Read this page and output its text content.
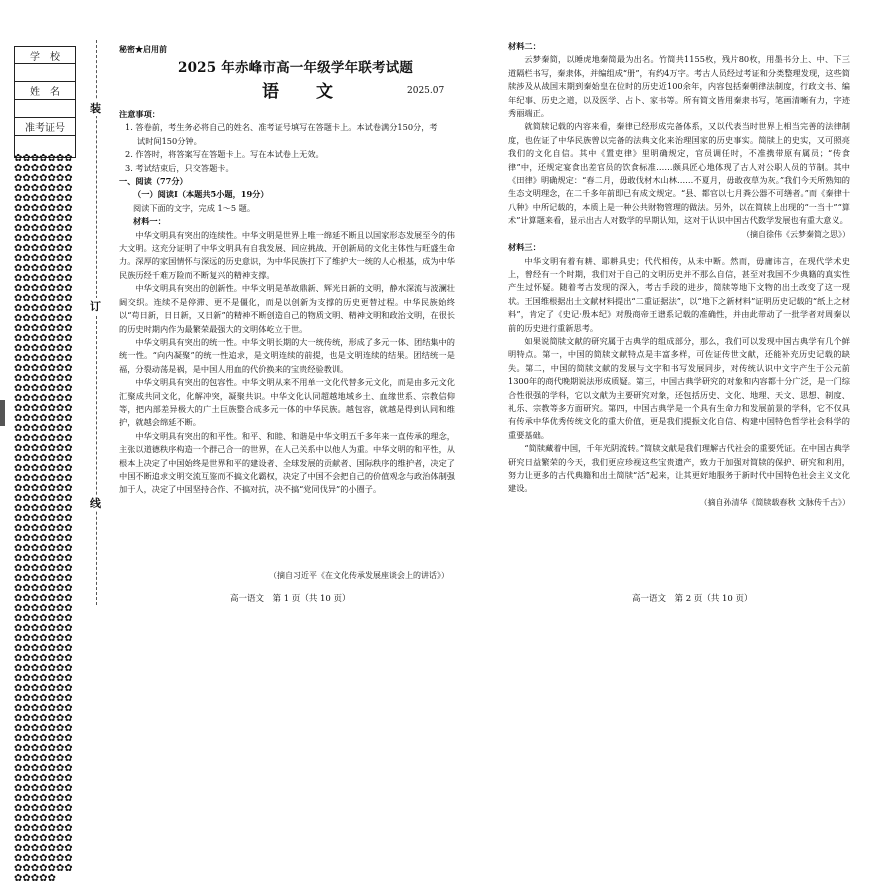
学　校
姓　名
准考证号
✿✿✿✿✿✿✿✿✿✿✿✿✿✿✿✿✿✿✿✿✿✿✿✿✿✿✿✿✿✿✿✿✿✿✿✿✿✿✿✿✿✿✿✿✿✿✿✿✿✿✿✿✿✿✿✿✿✿✿✿✿✿✿✿✿✿✿✿✿✿✿✿✿✿✿✿✿✿✿✿✿✿✿✿✿✿✿✿✿✿✿✿✿✿✿✿✿✿✿✿✿✿✿✿✿✿✿✿✿✿✿✿✿✿✿✿✿✿✿✿✿✿✿✿✿✿✿✿✿✿✿✿✿✿✿✿✿✿✿✿✿✿✿✿✿✿✿✿✿✿✿✿✿✿✿✿✿✿✿✿✿✿✿✿✿✿✿✿✿✿✿✿✿✿✿✿✿✿✿✿✿✿✿✿✿✿✿✿✿✿✿✿✿✿✿✿✿✿✿✿✿✿✿✿✿✿✿✿✿✿✿✿✿✿✿✿✿✿✿✿✿✿✿✿✿✿✿✿✿✿✿✿✿✿✿✿✿✿✿✿✿✿✿✿✿✿✿✿✿✿✿✿✿✿✿✿✿✿✿✿✿✿✿✿✿✿✿✿✿✿✿✿✿✿✿✿✿✿✿✿✿✿✿✿✿✿✿✿✿✿✿✿✿✿✿✿✿✿✿✿✿✿✿✿✿✿✿✿✿✿✿✿✿✿✿✿✿✿✿✿✿✿✿✿✿✿✿✿✿✿✿✿✿✿✿✿✿✿✿✿✿✿✿✿✿✿✿✿✿✿✿✿✿✿✿✿✿✿✿✿✿✿✿✿✿✿✿✿✿✿✿✿✿✿✿✿✿✿✿✿✿✿✿✿✿✿✿✿✿✿✿✿✿✿✿✿✿✿✿✿✿✿✿✿✿✿✿✿✿✿✿✿✿✿✿✿✿✿✿✿✿✿✿✿✿✿✿✿✿✿✿✿✿✿✿✿✿✿✿✿✿✿✿✿✿✿✿✿✿✿✿✿✿✿✿✿✿✿✿✿✿✿✿✿✿✿✿✿✿✿✿✿✿✿✿✿✿✿✿✿✿✿✿✿✿✿✿✿✿✿✿✿✿✿✿✿✿✿✿✿✿✿✿✿✿✿✿✿✿
装
订
线
秘密★启用前
2025 年赤峰市高一年级学年联考试题
语　文	2025.07
注意事项：
1. 答卷前，考生务必将自己的姓名、准考证号填写在答题卡上。本试卷满分150分，考
试时间150分钟。
2. 作答时，将答案写在答题卡上。写在本试卷上无效。
3. 考试结束后，只交答题卡。
一、阅读（77分）
（一）阅读Ⅰ（本题共5小题，19分）
阅读下面的文字，完成 1～5 题。
材料一：

中华文明具有突出的连续性。中华文明是世界上唯一绵延不断且以国家形态发展至今的伟大文明。这充分证明了中华文明具有自我发展、回应挑战、开创新局的文化主体性与旺盛生命力。深厚的家国情怀与深远的历史意识，为中华民族打下了维护大一统的人心根基，成为中华民族历经千难万险而不断复兴的精神支撑。

中华文明具有突出的创新性。中华文明是革故鼎新、辉光日新的文明，静水深流与波澜壮阔交织。连续不是停滞、更不是僵化，而是以创新为支撑的历史更替过程。中华民族始终以“苟日新，日日新，又日新”的精神不断创造自己的物质文明、精神文明和政治文明，在很长的历史时期内作为最繁荣最强大的文明体屹立于世。

中华文明具有突出的统一性。中华文明长期的大一统传统，形成了多元一体、团结集中的统一性。“向内凝聚”的统一性追求，是文明连续的前提，也是文明连续的结果。团结统一是福，分裂动荡是祸，是中国人用血的代价换来的宝贵经验教训。

中华文明具有突出的包容性。中华文明从来不用单一文化代替多元文化，而是由多元文化汇聚成共同文化，化解冲突，凝聚共识。中华文化认同超越地域乡土、血缘世系、宗教信仰等，把内部差异极大的广土巨族整合成多元一体的中华民族。越包容，就越是得到认同和维护，就越会绵延不断。

中华文明具有突出的和平性。和平、和睦、和谐是中华文明五千多年来一直传承的理念，主张以道德秩序构造一个群己合一的世界，在人己关系中以他人为重。中华文明的和平性，从根本上决定了中国始终是世界和平的建设者、全球发展的贡献者、国际秩序的维护者，决定了中国不断追求文明交流互鉴而不搞文化霸权，决定了中国不会把自己的价值观念与政治体制强加于人，决定了中国坚持合作、不搞对抗，决不搞“党同伐异”的小圈子。

（摘自习近平《在文化传承发展座谈会上的讲话》）
高一语文　第 1 页（共 10 页）
材料二：

云梦秦简，以睡虎地秦简最为出名。竹简共1155枚，残片80枚，用墨书分上、中、下三道隔栏书写，秦隶体，并编组成“册”，有约4万字。考古人员经过考证和分类整理发现，这些简牍涉及从战国末期到秦始皇在位时的历史近100余年，内容包括秦朝律法制度，行政文书、编年纪事、历史之道，以及医学、占卜、家书等。所有简文皆用秦隶书写，笔画清晰有力，字迹秀丽端正。

就简牍记载的内容来看，秦律已经形成完备体系，又以代表当时世界上相当完善的法律制度，也佐证了中华民族曾以完备的法典文化来治理国家的历史事实。简牍上的史实，又可照亮我们的文化自信。其中《置吏律》里明确规定，官员调任时，不准携带原有属员；“传食律”中，还规定宴食出差官员的饮食标准……颇具匠心地体现了古人对公职人员的节制。其中《田律》明确规定：“春二月，毋敢伐材木山林……不夏月，毋敢夜草为灰。”我们今天所熟知的生态文明理念，在二千多年前即已有成文规定。“县、都官以七月粪公器不可缮者。”而《秦律十八种》中所记载的，本质上是一种公共财物管理的做法。另外，以在简牍上出现的“一当十”“算术”计算题来看，显示出古人对数学的早期认知，这对于认识中国古代数学发展也有重大意义。

（摘自徐伟《云梦秦简之思》）
材料三：

中华文明有着有耕、耶耕具史；代代相传，从未中断。然而，毋庸讳言，在现代学术史上，曾经有一个时期，我们对于自己的文明历史并不那么自信，甚至对我国不少典籍的真实性产生过怀疑。随着考古发现的深入，考古手段的进步，简牍等地下文物的出土改变了这一现状。王国维根据出土文献材料提出“二重证据法”，以“地下之新材料”证明历史记载的“纸上之材料”，肯定了《史记·殷本纪》对殷商帝王谱系记载的准确性，并由此带动了一批学者对周秦以前的历史进行重新思考。

如果说简牍文献的研究属于古典学的组成部分，那么，我们可以发现中国古典学有几个鲜明特点。第一，中国的简牍文献特点是丰富多样，可佐证传世文献，还能补充历史记载的缺失。第二，中国的简牍文献的发展与文字和书写发展同步，对传统认识中文字产生于公元前1300年的商代晚期说法形成质疑。第三，中国古典学研究的对象和内容都十分广泛，是一门综合性很强的学科，它以文献为主要研究对象，还包括历史、文化、地理、天文、思想、制度、礼乐、宗教等多方面研究。第四，中国古典学是一个具有生命力和发展前景的学科，它不仅具有传承中华优秀传统文化的重大价值，更是我们提振文化自信、构建中国特色哲学社会科学的重要基础。

“简牍藏着中国，千年光阴流转。”简牍文献是我们理解古代社会的重要凭证。在中国古典学研究日益繁荣的今天，我们更应珍视这些宝贵遗产，致力于加强对简牍的保护、研究和利用，努力让更多的古代典籍和出土简牍“活”起来，让其更好地服务于新时代中国特色社会主义文化建设。

（摘自孙清华《简牍载春秋 文脉传千古》）
高一语文　第 2 页（共 10 页）
